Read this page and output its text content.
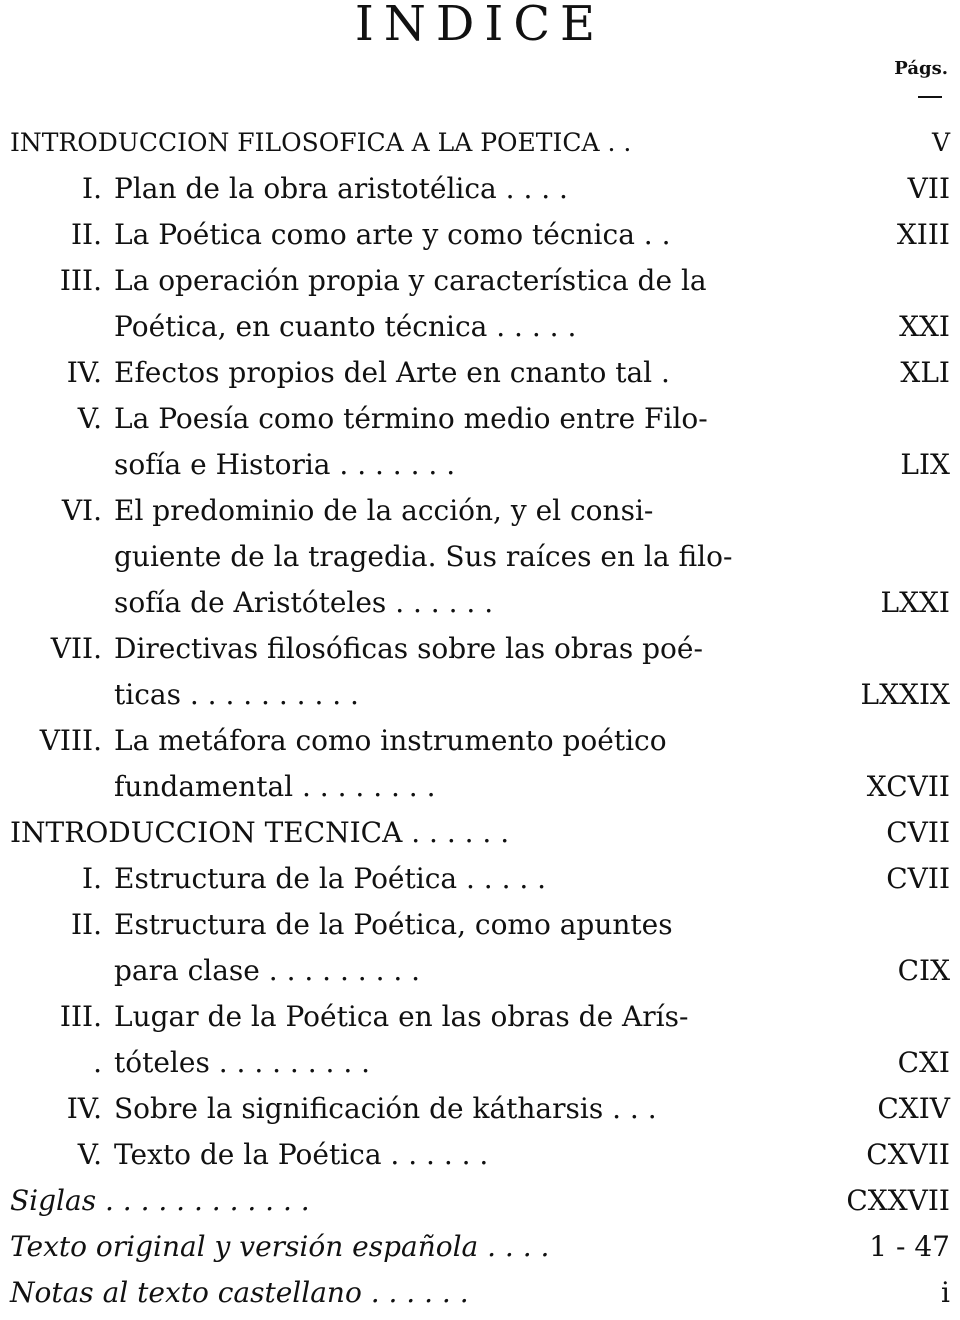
INDICE
Págs.
INTRODUCCION FILOSOFICA A LA POETICA . .	V
I. Plan de la obra aristotélica . . . .	VII
II. La Poética como arte y como técnica . .	XIII
III. La operación propia y característica de la
Poética, en cuanto técnica . . . . .	XXI
IV. Efectos propios del Arte en cnanto tal .	XLI
V. La Poesía como término medio entre Filo-
sofía e Historia . . . . . . .	LIX
VI. El predominio de la acción, y el consi-
guiente de la tragedia. Sus raíces en la filo-
sofía de Aristóteles . . . . . .	LXXI
VII. Directivas filosóficas sobre las obras poé-
ticas . . . . . . . . . .	LXXIX
VIII. La metáfora como instrumento poético
fundamental . . . . . . . .	XCVII
INTRODUCCION TECNICA . . . . . .	CVII
I. Estructura de la Poética . . . . .	CVII
II. Estructura de la Poética, como apuntes
para clase . . . . . . . . .	CIX
III. Lugar de la Poética en las obras de Arís-
. tóteles . . . . . . . . .	CXI
IV. Sobre la significación de kátharsis . . .	CXIV
V. Texto de la Poética . . . . . .	CXVII
Siglas . . . . . . . . . . . .	CXXVII
Texto original y versión española . . . .	1 - 47
Notas al texto castellano . . . . . .	i
